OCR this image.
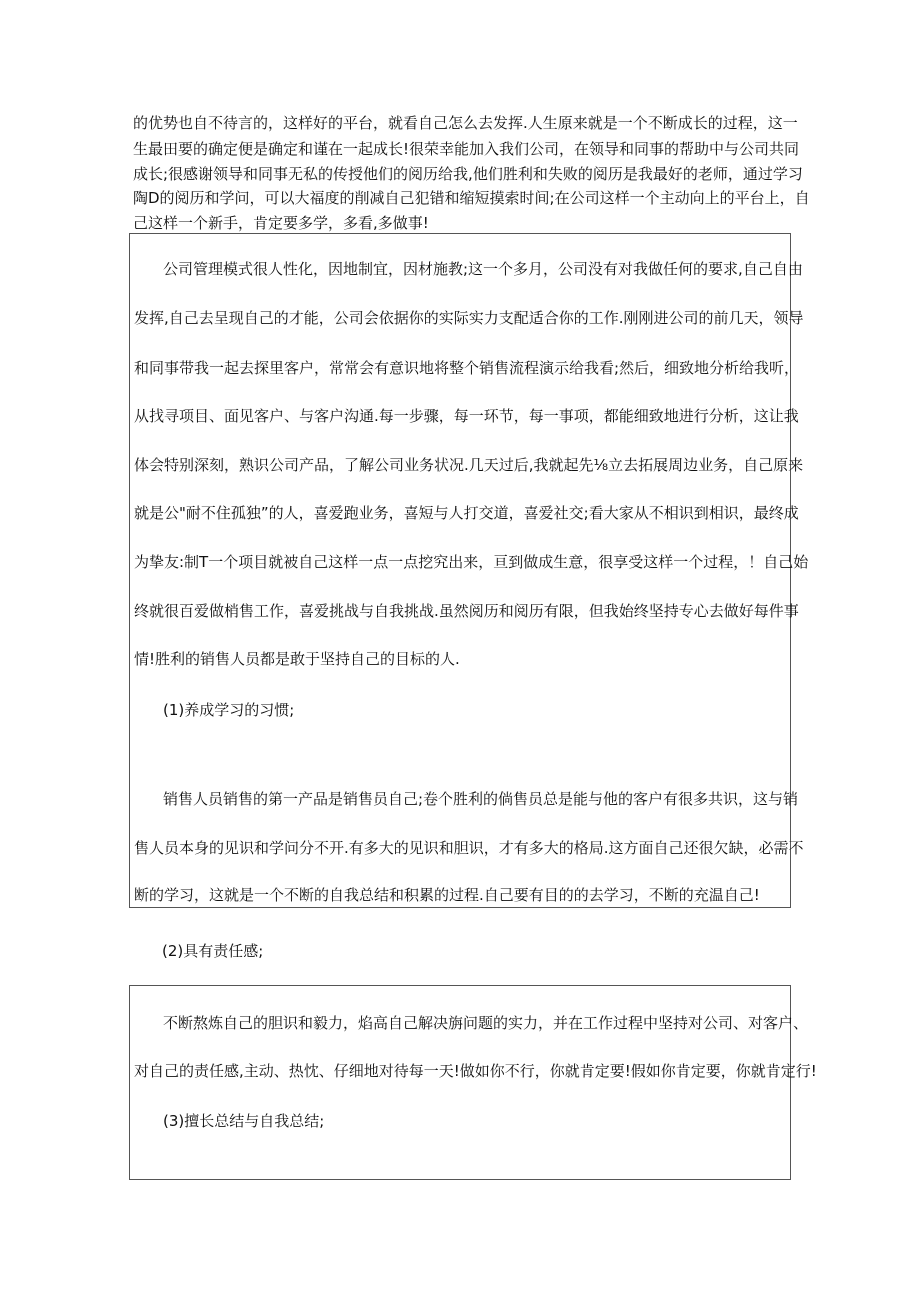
的优势也自不待言的，这样好的平台，就看自己怎么去发挥.人生原来就是一个不断成长的过程，这一

生最田要的确定便是确定和谨在一起成长!很荣幸能加入我们公司，在领导和同事的帮助中与公司共同

成长;很感谢领导和同事无私的传授他们的阅历给我,他们胜利和失败的阅历是我最好的老师，通过学习

陶D的阅历和学问，可以大福度的削减自己犯错和缩短摸索时间;在公司这样一个主动向上的平台上，自

己这样一个新手，肯定要多学，多看,多做事!

公司管理模式很人性化，因地制宜，因材施教;这一个多月，公司没有对我做任何的要求,自己自由

发挥,自己去呈现自己的才能，公司会依据你的实际实力支配适合你的工作.刚刚进公司的前几天，领导

和同事带我一起去探里客户，常常会有意识地将整个销售流程演示给我看;然后，细致地分析给我听，

从找寻项目、面见客户、与客户沟通.每一步骤，每一环节，每一事项，都能细致地进行分析，这让我

体会特别深刻，熟识公司产品，了解公司业务状况.几天过后,我就起先⅛立去拓展周边业务，自己原来

就是公"耐不住孤独”的人，喜爱跑业务，喜短与人打交道，喜爱社交;看大家从不相识到相识，最终成

为挚友:制T一个项目就被自己这样一点一点挖究出来，亘到做成生意，很享受这样一个过程，！自己始

终就很百爱做梢售工作，喜爱挑战与自我挑战.虽然阅历和阅历有限，但我始终坚持专心去做好每件事

情!胜利的销售人员都是敢于坚持自己的目标的人.

(1)养成学习的习惯;

销售人员销售的第一产品是销售员自己;卷个胜利的倘售员总是能与他的客户有很多共识，这与销

售人员本身的见识和学问分不开.有多大的见识和胆识，才有多大的格局.这方面自己还很欠缺，必需不

断的学习，这就是一个不断的自我总结和积累的过程.自己要有目的的去学习，不断的充温自己!

(2)具有责任感;

不断熬炼自己的胆识和毅力，焰高自己解决旃问题的实力，并在工作过程中坚持对公司、对客户、

对自己的责任感,主动、热忱、仔细地对待每一天!做如你不行，你就肯定要!假如你肯定要，你就肯定行!

(3)擅长总结与自我总结;
